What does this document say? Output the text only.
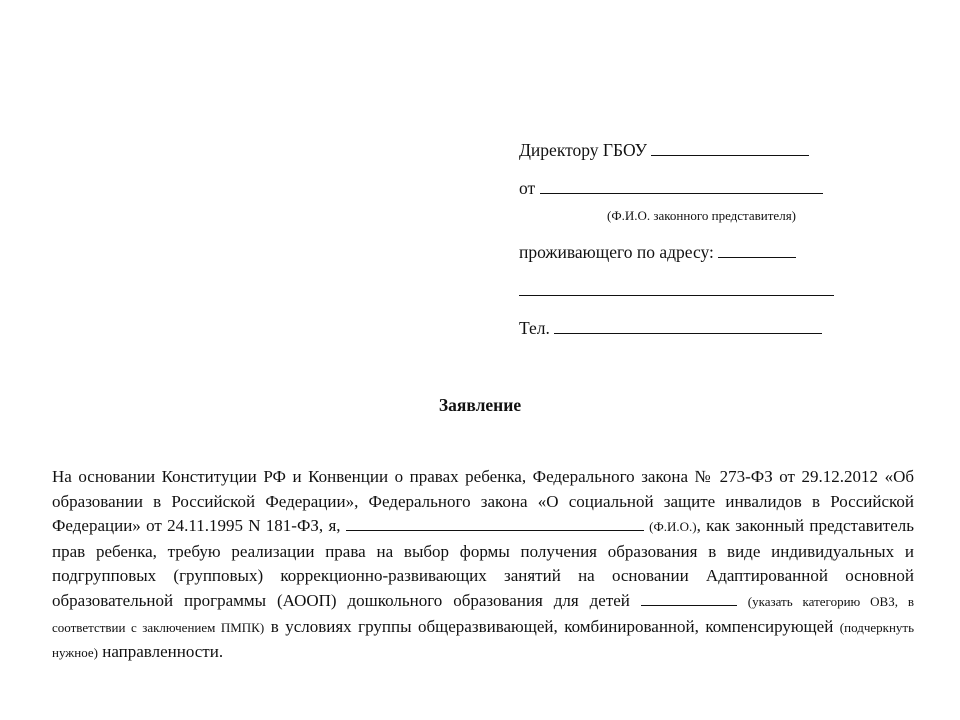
Директору ГБОУ
от
(Ф.И.О. законного представителя)
проживающего по адресу:
Тел.
Заявление
На основании Конституции РФ и Конвенции о правах ребенка, Федерального закона № 273-ФЗ от 29.12.2012 «Об образовании в Российской Федерации», Федерального закона «О социальной защите инвалидов в Российской Федерации» от 24.11.1995 N 181-ФЗ, я,	(Ф.И.О.), как законный представитель прав ребенка, требую реализации права на выбор формы получения образования в виде индивидуальных и подгрупповых (групповых) коррекционно-развивающих занятий на основании Адаптированной основной образовательной программы (АООП) дошкольного образования для детей	(указать категорию ОВЗ, в соответствии с заключением ПМПК) в условиях группы общеразвивающей, комбинированной, компенсирующей (подчеркнуть нужное) направленности.
